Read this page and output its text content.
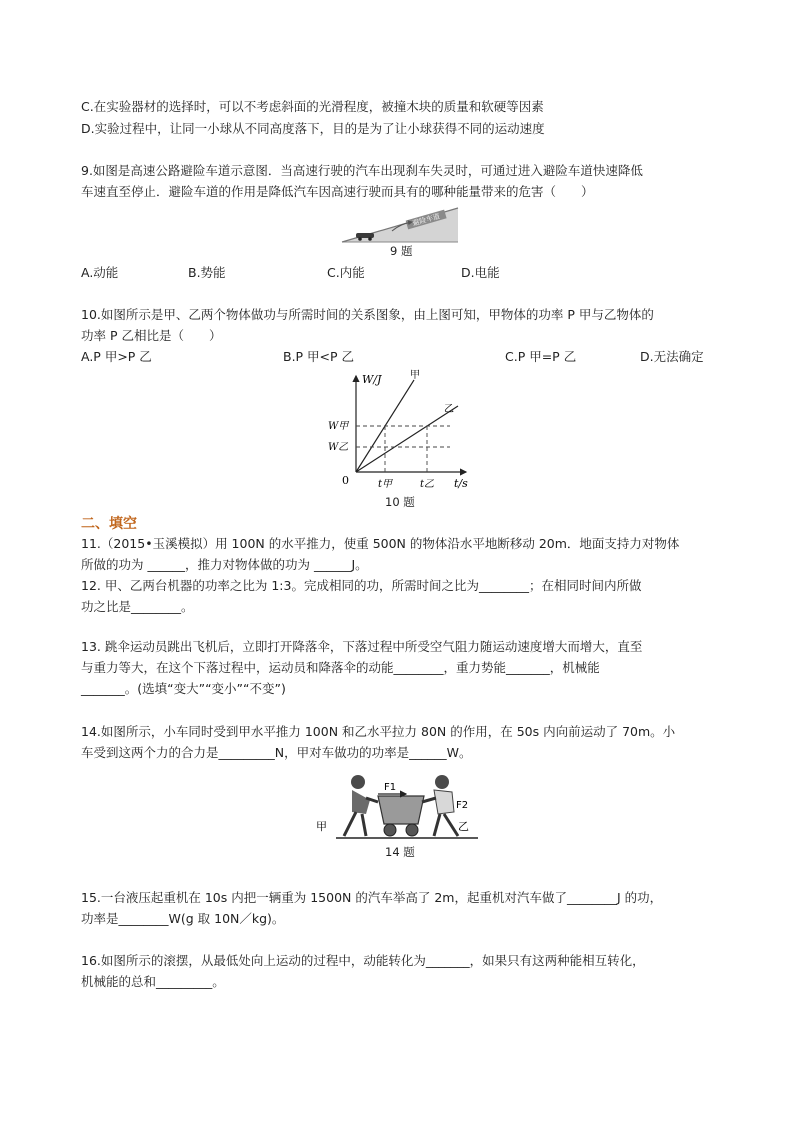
C.在实验器材的选择时，可以不考虑斜面的光滑程度，被撞木块的质量和软硬等因素
D.实验过程中，让同一小球从不同高度落下，目的是为了让小球获得不同的运动速度
9.如图是高速公路避险车道示意图．当高速行驶的汽车出现刹车失灵时，可通过进入避险车道快速降低
车速直至停止．避险车道的作用是降低汽车因高速行驶而具有的哪种能量带来的危害（　　）
避险车道
9 题
A.动能	B.势能	C.内能	D.电能
10.如图所示是甲、乙两个物体做功与所需时间的关系图象，由上图可知，甲物体的功率 P 甲与乙物体的
功率 P 乙相比是（　　）
A.P 甲>P 乙	B.P 甲<P 乙	C.P 甲=P 乙	D.无法确定
W/J
t/s
0
甲
乙
W甲
W乙
t甲	t乙
10 题
二、填空
11.（2015•玉溪模拟）用 100N 的水平推力，使重 500N 的物体沿水平地断移动 20m．地面支持力对物体
所做的功为 ______，推力对物体做的功为 ______J。
12. 甲、乙两台机器的功率之比为 1:3。完成相同的功，所需时间之比为________；在相同时间内所做
功之比是________。
13. 跳伞运动员跳出飞机后，立即打开降落伞，下落过程中所受空气阻力随运动速度增大而增大，直至
与重力等大，在这个下落过程中，运动员和降落伞的动能________，重力势能_______，机械能
_______。(选填“变大”“变小”“不变”)
14.如图所示，小车同时受到甲水平推力 100N 和乙水平拉力 80N 的作用，在 50s 内向前运动了 70m。小
车受到这两个力的合力是_________N，甲对车做功的功率是______W。
F1
F2
甲	乙
14 题
15.一台液压起重机在 10s 内把一辆重为 1500N 的汽车举高了 2m，起重机对汽车做了________J 的功，
功率是________W(g 取 10N／kg)。
16.如图所示的滚摆，从最低处向上运动的过程中，动能转化为_______，如果只有这两种能相互转化，
机械能的总和_________。
